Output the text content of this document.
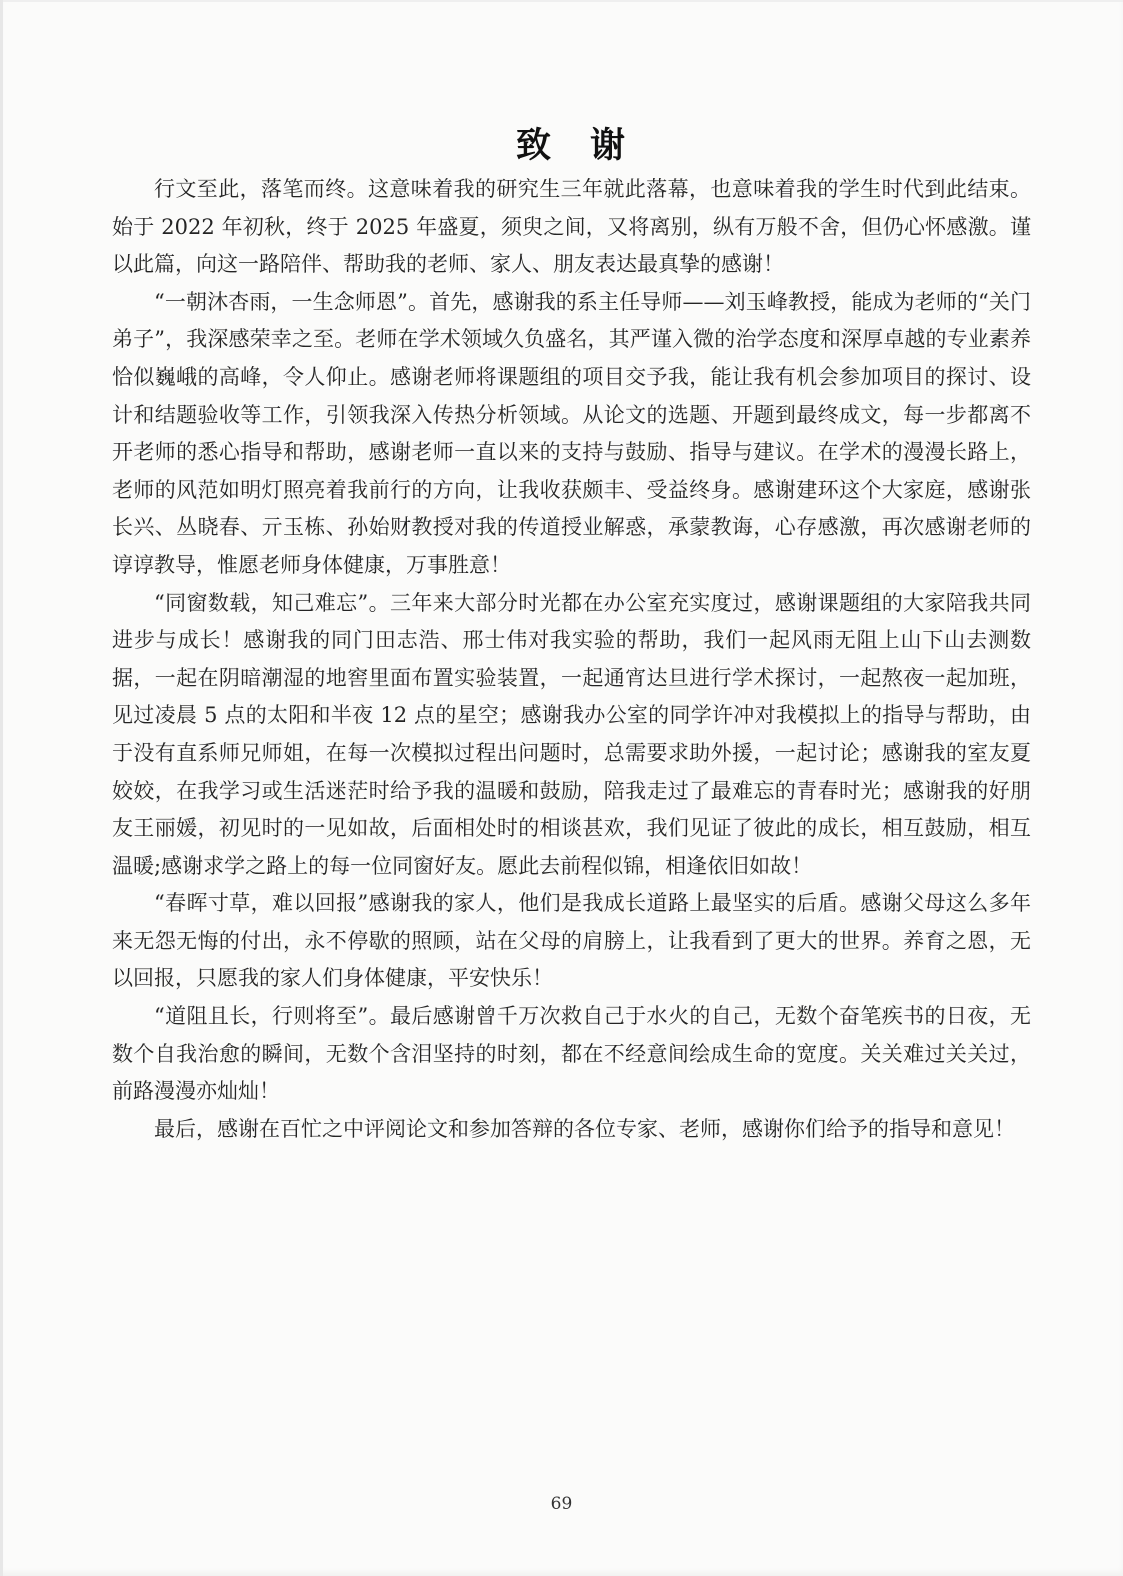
致　谢

行文至此，落笔而终。这意味着我的研究生三年就此落幕，也意味着我的学生时代到此结束。始于 2022 年初秋，终于 2025 年盛夏，须臾之间，又将离别，纵有万般不舍，但仍心怀感激。谨以此篇，向这一路陪伴、帮助我的老师、家人、朋友表达最真挚的感谢！

“一朝沐杏雨，一生念师恩”。首先，感谢我的系主任导师——刘玉峰教授，能成为老师的“关门弟子”，我深感荣幸之至。老师在学术领域久负盛名，其严谨入微的治学态度和深厚卓越的专业素养恰似巍峨的高峰，令人仰止。感谢老师将课题组的项目交予我，能让我有机会参加项目的探讨、设计和结题验收等工作，引领我深入传热分析领域。从论文的选题、开题到最终成文，每一步都离不开老师的悉心指导和帮助，感谢老师一直以来的支持与鼓励、指导与建议。在学术的漫漫长路上，老师的风范如明灯照亮着我前行的方向，让我收获颇丰、受益终身。感谢建环这个大家庭，感谢张长兴、丛晓春、亓玉栋、孙始财教授对我的传道授业解惑，承蒙教诲，心存感激，再次感谢老师的谆谆教导，惟愿老师身体健康，万事胜意！

“同窗数载，知己难忘”。三年来大部分时光都在办公室充实度过，感谢课题组的大家陪我共同进步与成长！感谢我的同门田志浩、邢士伟对我实验的帮助，我们一起风雨无阻上山下山去测数据，一起在阴暗潮湿的地窖里面布置实验装置，一起通宵达旦进行学术探讨，一起熬夜一起加班，见过凌晨 5 点的太阳和半夜 12 点的星空；感谢我办公室的同学许冲对我模拟上的指导与帮助，由于没有直系师兄师姐，在每一次模拟过程出问题时，总需要求助外援，一起讨论；感谢我的室友夏姣姣，在我学习或生活迷茫时给予我的温暖和鼓励，陪我走过了最难忘的青春时光；感谢我的好朋友王丽媛，初见时的一见如故，后面相处时的相谈甚欢，我们见证了彼此的成长，相互鼓励，相互温暖;感谢求学之路上的每一位同窗好友。愿此去前程似锦，相逢依旧如故！

“春晖寸草，难以回报”感谢我的家人，他们是我成长道路上最坚实的后盾。感谢父母这么多年来无怨无悔的付出，永不停歇的照顾，站在父母的肩膀上，让我看到了更大的世界。养育之恩，无以回报，只愿我的家人们身体健康，平安快乐！

“道阻且长，行则将至”。最后感谢曾千万次救自己于水火的自己，无数个奋笔疾书的日夜，无数个自我治愈的瞬间，无数个含泪坚持的时刻，都在不经意间绘成生命的宽度。关关难过关关过，前路漫漫亦灿灿！

最后，感谢在百忙之中评阅论文和参加答辩的各位专家、老师，感谢你们给予的指导和意见！

69
